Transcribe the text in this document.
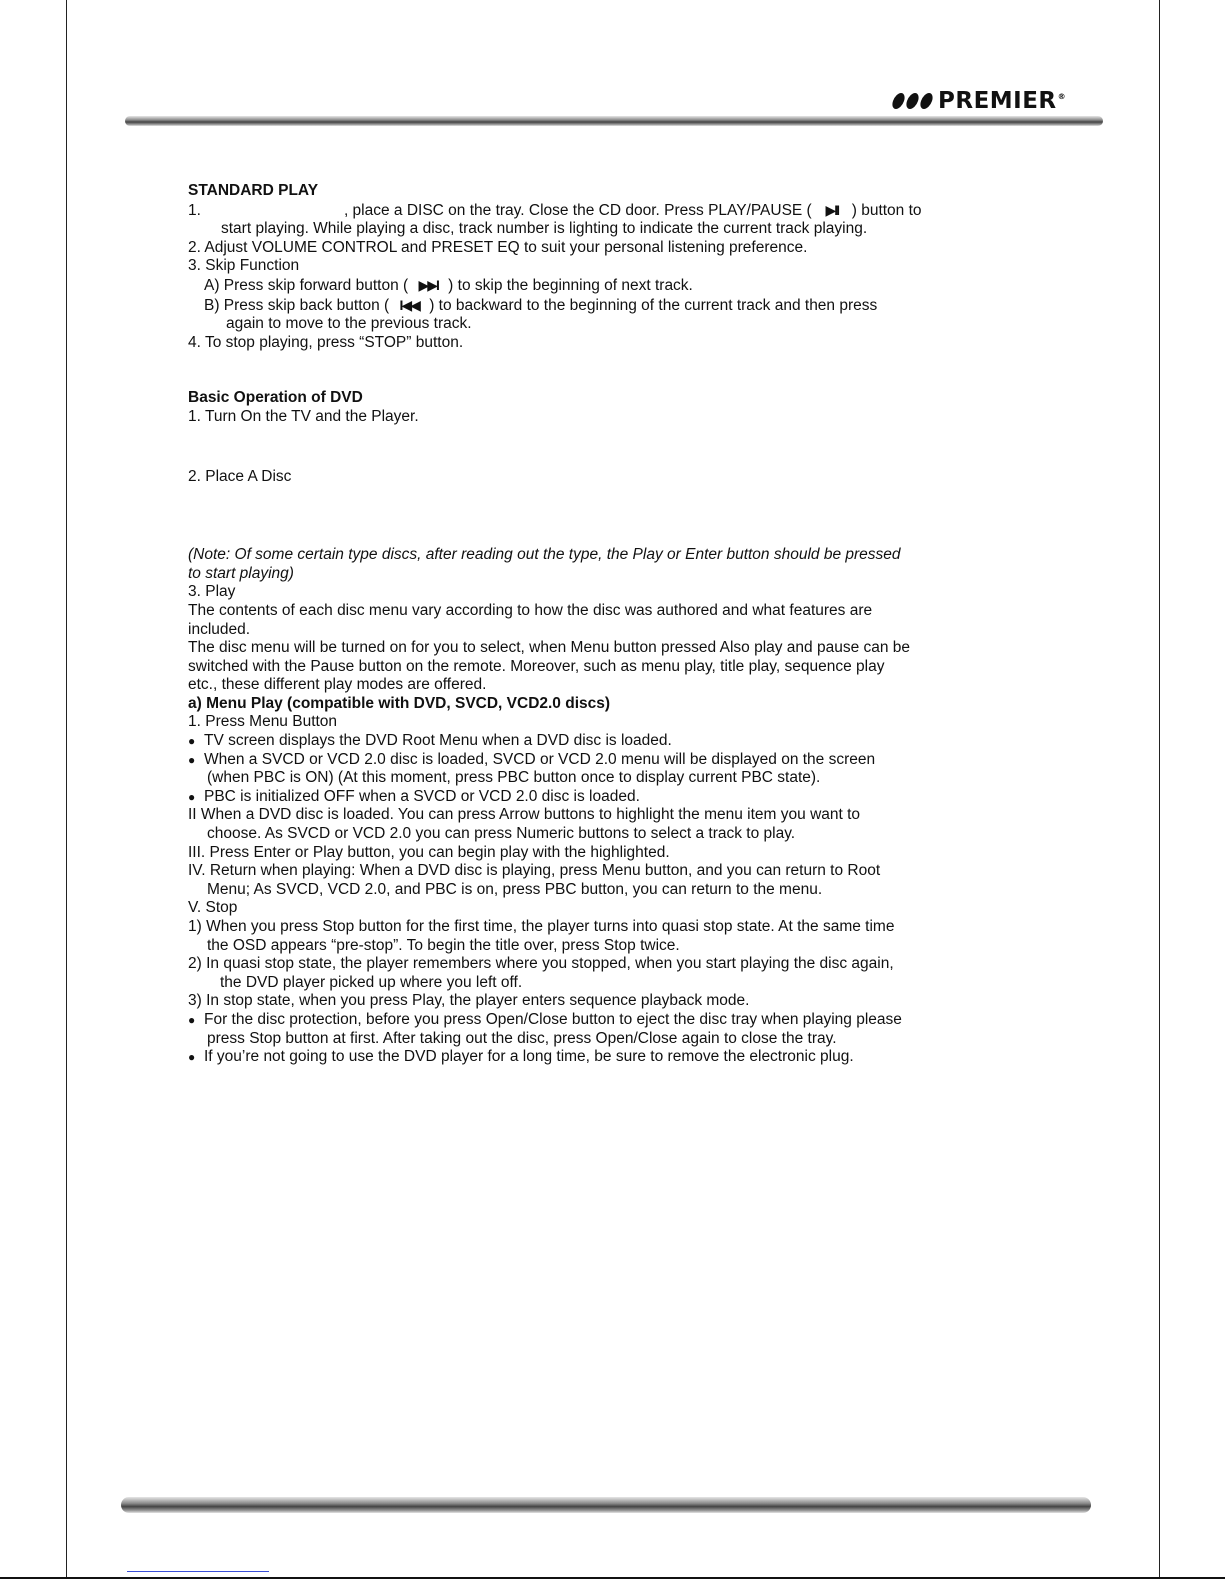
PREMIER®

STANDARD PLAY

1.	, place a DISC on the tray. Close the CD door. Press PLAY/PAUSE ( ▶II ) button to

start playing. While playing a disc, track number is lighting to indicate the current track playing.

2. Adjust VOLUME CONTROL and PRESET EQ to suit your personal listening preference.

3. Skip Function

A) Press skip forward button ( ▶▶I ) to skip the beginning of next track.

B) Press skip back button ( I◀◀ ) to backward to the beginning of the current track and then press

again to move to the previous track.

4. To stop playing, press “STOP” button.

Basic Operation of DVD

1. Turn On the TV and the Player.

2. Place A Disc

(Note: Of some certain type discs, after reading out the type, the Play or Enter button should be pressed

to start playing)

3. Play

The contents of each disc menu vary according to how the disc was authored and what features are

included.

The disc menu will be turned on for you to select, when Menu button pressed Also play and pause can be

switched with the Pause button on the remote. Moreover, such as menu play, title play, sequence play

etc., these different play modes are offered.

a) Menu Play (compatible with DVD, SVCD, VCD2.0 discs)

1. Press Menu Button

● TV screen displays the DVD Root Menu when a DVD disc is loaded.

● When a SVCD or VCD 2.0 disc is loaded, SVCD or VCD 2.0 menu will be displayed on the screen

(when PBC is ON) (At this moment, press PBC button once to display current PBC state).

● PBC is initialized OFF when a SVCD or VCD 2.0 disc is loaded.

II When a DVD disc is loaded. You can press Arrow buttons to highlight the menu item you want to

choose. As SVCD or VCD 2.0 you can press Numeric buttons to select a track to play.

III. Press Enter or Play button, you can begin play with the highlighted.

IV. Return when playing: When a DVD disc is playing, press Menu button, and you can return to Root

Menu; As SVCD, VCD 2.0, and PBC is on, press PBC button, you can return to the menu.

V. Stop

1) When you press Stop button for the first time, the player turns into quasi stop state. At the same time

the OSD appears “pre-stop”. To begin the title over, press Stop twice.

2) In quasi stop state, the player remembers where you stopped, when you start playing the disc again,

the DVD player picked up where you left off.

3) In stop state, when you press Play, the player enters sequence playback mode.

● For the disc protection, before you press Open/Close button to eject the disc tray when playing please

press Stop button at first. After taking out the disc, press Open/Close again to close the tray.

● If you’re not going to use the DVD player for a long time, be sure to remove the electronic plug.
